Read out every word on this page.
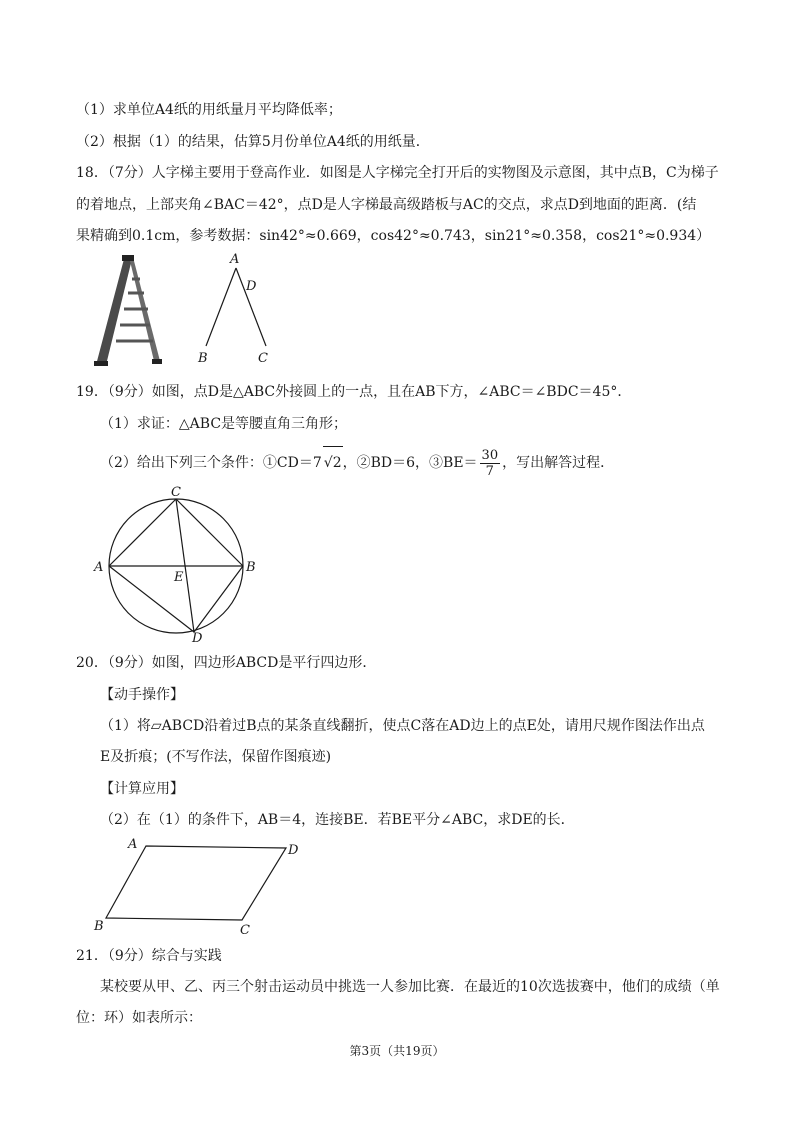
（1）求单位A4纸的用纸量月平均降低率；
（2）根据（1）的结果，估算5月份单位A4纸的用纸量．
18．（7分）人字梯主要用于登高作业．如图是人字梯完全打开后的实物图及示意图，其中点B，C为梯子
的着地点，上部夹角∠BAC＝42°，点D是人字梯最高级踏板与AC的交点，求点D到地面的距离．(结
果精确到0.1cm，参考数据：sin42°≈0.669，cos42°≈0.743，sin21°≈0.358，cos21°≈0.934）
A
D
B	C
19．（9分）如图，点D是△ABC外接圆上的一点，且在AB下方，∠ABC＝∠BDC＝45°．
（1）求证：△ABC是等腰直角三角形；
（2）给出下列三个条件：①CD＝7 √2，②BD＝6，③BE＝ $\frac{30}{7}$ ，写出解答过程．
C
A	B
E
D
20．（9分）如图，四边形ABCD是平行四边形．
【动手操作】
（1）将▱ABCD沿着过B点的某条直线翻折，使点C落在AD边上的点E处，请用尺规作图法作出点
E及折痕；(不写作法，保留作图痕迹)
【计算应用】
（2）在（1）的条件下，AB＝4，连接BE．若BE平分∠ABC，求DE的长．
A	D
B	C
21．（9分）综合与实践
某校要从甲、乙、丙三个射击运动员中挑选一人参加比赛．在最近的10次选拔赛中，他们的成绩（单
位：环）如表所示：
第3页（共19页）
